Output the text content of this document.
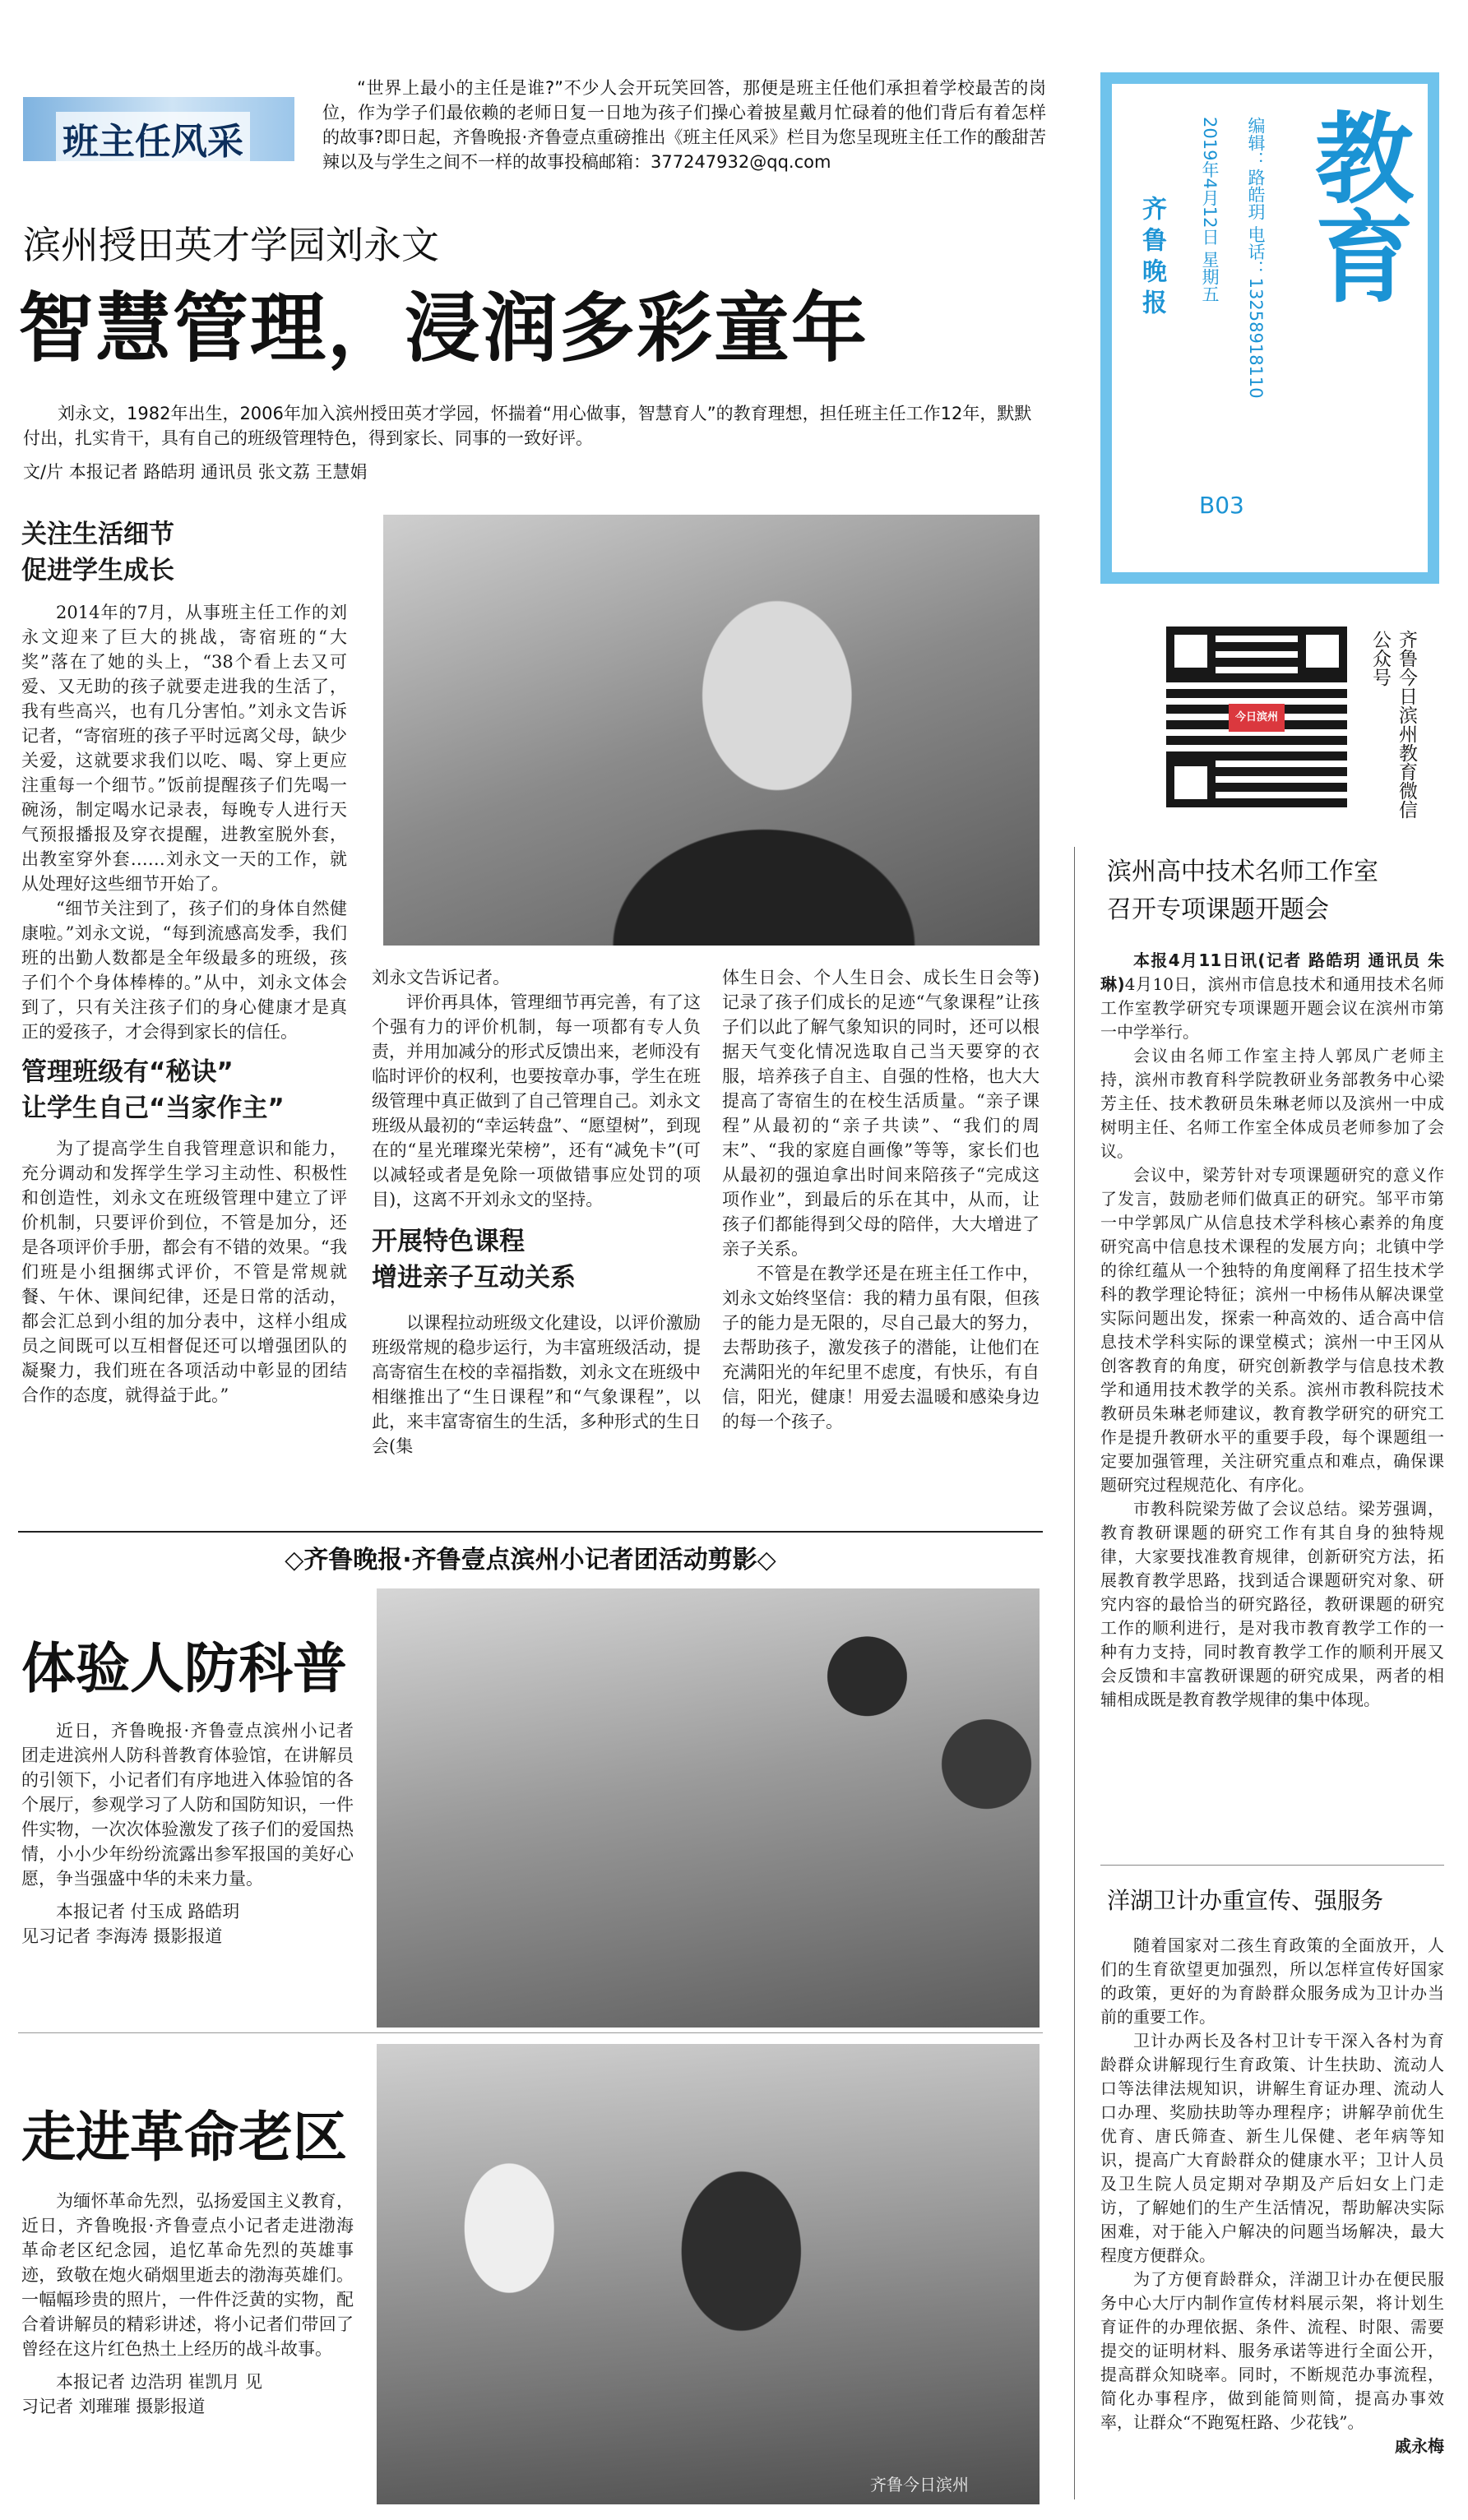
班主任风采
“世界上最小的主任是谁?”不少人会开玩笑回答，那便是班主任他们承担着学校最苦的岗位，作为学子们最依赖的老师日复一日地为孩子们操心着披星戴月忙碌着的他们背后有着怎样的故事?即日起，齐鲁晚报·齐鲁壹点重磅推出《班主任风采》栏目为您呈现班主任工作的酸甜苦辣以及与学生之间不一样的故事投稿邮箱：377247932@qq.com	教育
齐鲁晚报	编辑：路皓玥 电话：13258918110
2019年4月12日 星期五
B03
今日滨州	齐鲁今日滨州教育微信公众号
滨州授田英才学园刘永文
智慧管理，浸润多彩童年
刘永文，1982年出生，2006年加入滨州授田英才学园，怀揣着“用心做事，智慧育人”的教育理想，担任班主任工作12年，默默付出，扎实肯干，具有自己的班级管理特色，得到家长、同事的一致好评。
文/片 本报记者 路皓玥 通讯员 张文荔 王慧娟
关注生活细节
促进学生成长

2014年的7月，从事班主任工作的刘永文迎来了巨大的挑战，寄宿班的“大奖”落在了她的头上，“38个看上去又可爱、又无助的孩子就要走进我的生活了，我有些高兴，也有几分害怕。”刘永文告诉记者，“寄宿班的孩子平时远离父母，缺少关爱，这就要求我们以吃、喝、穿上更应注重每一个细节。”饭前提醒孩子们先喝一碗汤，制定喝水记录表，每晚专人进行天气预报播报及穿衣提醒，进教室脱外套，出教室穿外套……刘永文一天的工作，就从处理好这些细节开始了。

“细节关注到了，孩子们的身体自然健康啦。”刘永文说，“每到流感高发季，我们班的出勤人数都是全年级最多的班级，孩子们个个身体棒棒的。”从中，刘永文体会到了，只有关注孩子们的身心健康才是真正的爱孩子，才会得到家长的信任。

管理班级有“秘诀”
让学生自己“当家作主”

为了提高学生自我管理意识和能力，充分调动和发挥学生学习主动性、积极性和创造性，刘永文在班级管理中建立了评价机制，只要评价到位，不管是加分，还是各项评价手册，都会有不错的效果。“我们班是小组捆绑式评价，不管是常规就餐、午休、课间纪律，还是日常的活动，都会汇总到小组的加分表中，这样小组成员之间既可以互相督促还可以增强团队的凝聚力，我们班在各项活动中彰显的团结合作的态度，就得益于此。”

刘永文告诉记者。

评价再具体，管理细节再完善，有了这个强有力的评价机制，每一项都有专人负责，并用加减分的形式反馈出来，老师没有临时评价的权利，也要按章办事，学生在班级管理中真正做到了自己管理自己。刘永文班级从最初的“幸运转盘”、“愿望树”，到现在的“星光璀璨光荣榜”，还有“减免卡”(可以减轻或者是免除一项做错事应处罚的项目)，这离不开刘永文的坚持。

开展特色课程
增进亲子互动关系

以课程拉动班级文化建设，以评价激励班级常规的稳步运行，为丰富班级活动，提高寄宿生在校的幸福指数，刘永文在班级中相继推出了“生日课程”和“气象课程”，以此，来丰富寄宿生的生活，多种形式的生日会(集

体生日会、个人生日会、成长生日会等)记录了孩子们成长的足迹“气象课程”让孩子们以此了解气象知识的同时，还可以根据天气变化情况选取自己当天要穿的衣服，培养孩子自主、自强的性格，也大大提高了寄宿生的在校生活质量。“亲子课程”从最初的“亲子共读”、“我们的周末”、“我的家庭自画像”等等，家长们也从最初的强迫拿出时间来陪孩子“完成这项作业”，到最后的乐在其中，从而，让孩子们都能得到父母的陪伴，大大增进了亲子关系。

不管是在教学还是在班主任工作中，刘永文始终坚信：我的精力虽有限，但孩子的能力是无限的，尽自己最大的努力，去帮助孩子，激发孩子的潜能，让他们在充满阳光的年纪里不虑度，有快乐，有自信，阳光，健康！用爱去温暖和感染身边的每一个孩子。

◇齐鲁晚报·齐鲁壹点滨州小记者团活动剪影◇
体验人防科普

近日，齐鲁晚报·齐鲁壹点滨州小记者团走进滨州人防科普教育体验馆，在讲解员的引领下，小记者们有序地进入体验馆的各个展厅，参观学习了人防和国防知识，一件件实物，一次次体验激发了孩子们的爱国热情，小小少年纷纷流露出参军报国的美好心愿，争当强盛中华的未来力量。

本报记者 付玉成 路皓玥

见习记者 李海涛 摄影报道

走进革命老区

为缅怀革命先烈，弘扬爱国主义教育，近日，齐鲁晚报·齐鲁壹点小记者走进渤海革命老区纪念园，追忆革命先烈的英雄事迹，致敬在炮火硝烟里逝去的渤海英雄们。一幅幅珍贵的照片，一件件泛黄的实物，配合着讲解员的精彩讲述，将小记者们带回了曾经在这片红色热土上经历的战斗故事。

本报记者 边浩玥 崔凯月 见

习记者 刘璀璀 摄影报道

齐鲁今日滨州
滨州高中技术名师工作室
召开专项课题开题会

本报4月11日讯(记者 路皓玥 通讯员 朱琳)4月10日，滨州市信息技术和通用技术名师工作室教学研究专项课题开题会议在滨州市第一中学举行。

会议由名师工作室主持人郭凤广老师主持，滨州市教育科学院教研业务部教务中心梁芳主任、技术教研员朱琳老师以及滨州一中成树明主任、名师工作室全体成员老师参加了会议。

会议中，梁芳针对专项课题研究的意义作了发言，鼓励老师们做真正的研究。邹平市第一中学郭凤广从信息技术学科核心素养的角度研究高中信息技术课程的发展方向；北镇中学的徐红蕴从一个独特的角度阐释了招生技术学科的教学理论特征；滨州一中杨伟从解决课堂实际问题出发，探索一种高效的、适合高中信息技术学科实际的课堂模式；滨州一中王冈从创客教育的角度，研究创新教学与信息技术教学和通用技术教学的关系。滨州市教科院技术教研员朱琳老师建议，教育教学研究的研究工作是提升教研水平的重要手段，每个课题组一定要加强管理，关注研究重点和难点，确保课题研究过程规范化、有序化。

市教科院梁芳做了会议总结。梁芳强调，教育教研课题的研究工作有其自身的独特规律，大家要找准教育规律，创新研究方法，拓展教育教学思路，找到适合课题研究对象、研究内容的最恰当的研究路径，教研课题的研究工作的顺利进行，是对我市教育教学工作的一种有力支持，同时教育教学工作的顺利开展又会反馈和丰富教研课题的研究成果，两者的相辅相成既是教育教学规律的集中体现。

洋湖卫计办重宣传、强服务

随着国家对二孩生育政策的全面放开，人们的生育欲望更加强烈，所以怎样宣传好国家的政策，更好的为育龄群众服务成为卫计办当前的重要工作。

卫计办两长及各村卫计专干深入各村为育龄群众讲解现行生育政策、计生扶助、流动人口等法律法规知识，讲解生育证办理、流动人口办理、奖励扶助等办理程序；讲解孕前优生优育、唐氏筛查、新生儿保健、老年病等知识，提高广大育龄群众的健康水平；卫计人员及卫生院人员定期对孕期及产后妇女上门走访，了解她们的生产生活情况，帮助解决实际困难，对于能入户解决的问题当场解决，最大程度方便群众。

为了方便育龄群众，洋湖卫计办在便民服务中心大厅内制作宣传材料展示架，将计划生育证件的办理依据、条件、流程、时限、需要提交的证明材料、服务承诺等进行全面公开，提高群众知晓率。同时，不断规范办事流程，简化办事程序，做到能简则简，提高办事效率，让群众“不跑冤枉路、少花钱”。

戚永梅
